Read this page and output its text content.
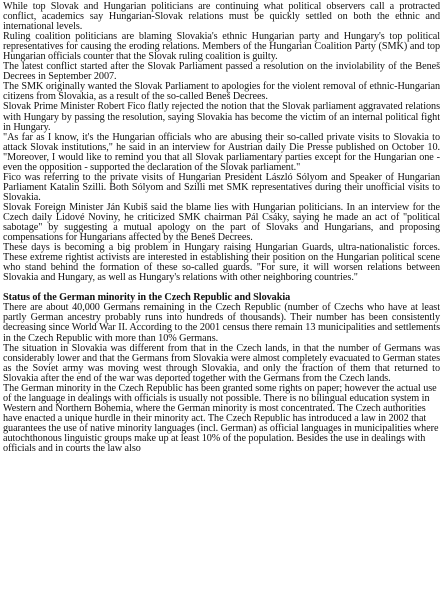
While top Slovak and Hungarian politicians are continuing what political observers call a protracted conflict, academics say Hungarian-Slovak relations must be quickly settled on both the ethnic and international levels.

Ruling coalition politicians are blaming Slovakia's ethnic Hungarian party and Hungary's top political representatives for causing the eroding relations. Members of the Hungarian Coalition Party (SMK) and top Hungarian officials counter that the Slovak ruling coalition is guilty.

The latest conflict started after the Slovak Parliament passed a resolution on the inviolability of the Beneš Decrees in September 2007.

The SMK originally wanted the Slovak Parliament to apologies for the violent removal of ethnic-Hungarian citizens from Slovakia, as a result of the so-called Beneš Decrees.

Slovak Prime Minister Robert Fico flatly rejected the notion that the Slovak parliament aggravated relations with Hungary by passing the resolution, saying Slovakia has become the victim of an internal political fight in Hungary.

"As far as I know, it's the Hungarian officials who are abusing their so-called private visits to Slovakia to attack Slovak institutions," he said in an interview for Austrian daily Die Presse published on October 10. "Moreover, I would like to remind you that all Slovak parliamentary parties except for the Hungarian one - even the opposition - supported the declaration of the Slovak parliament."

Fico was referring to the private visits of Hungarian President László Sólyom and Speaker of Hungarian Parliament Katalin Szilli. Both Sólyom and Szilli met SMK representatives during their unofficial visits to Slovakia.

Slovak Foreign Minister Ján Kubiš said the blame lies with Hungarian politicians. In an interview for the Czech daily Lidové Noviny, he criticized SMK chairman Pál Csáky, saying he made an act of "political sabotage" by suggesting a mutual apology on the part of Slovaks and Hungarians, and proposing compensations for Hungarians affected by the Beneš Decrees.

These days is becoming a big problem in Hungary raising Hungarian Guards, ultra-nationalistic forces. These extreme rightist activists are interested in establishing their position on the Hungarian political scene who stand behind the formation of these so-called guards. "For sure, it will worsen relations between Slovakia and Hungary, as well as Hungary's relations with other neighboring countries."

Status of the German minority in the Czech Republic and Slovakia

There are about 40,000 Germans remaining in the Czech Republic (number of Czechs who have at least partly German ancestry probably runs into hundreds of thousands). Their number has been consistently decreasing since World War II. According to the 2001 census there remain 13 municipalities and settlements in the Czech Republic with more than 10% Germans.

The situation in Slovakia was different from that in the Czech lands, in that the number of Germans was considerably lower and that the Germans from Slovakia were almost completely evacuated to German states as the Soviet army was moving west through Slovakia, and only the fraction of them that returned to Slovakia after the end of the war was deported together with the Germans from the Czech lands.

The German minority in the Czech Republic has been granted some rights on paper; however the actual use of the language in dealings with officials is usually not possible. There is no bilingual education system in Western and Northern Bohemia, where the German minority is most concentrated. The Czech authorities have enacted a unique hurdle in their minority act. The Czech Republic has introduced a law in 2002 that guarantees the use of native minority languages (incl. German) as official languages in municipalities where autochthonous linguistic groups make up at least 10% of the population. Besides the use in dealings with officials and in courts the law also
